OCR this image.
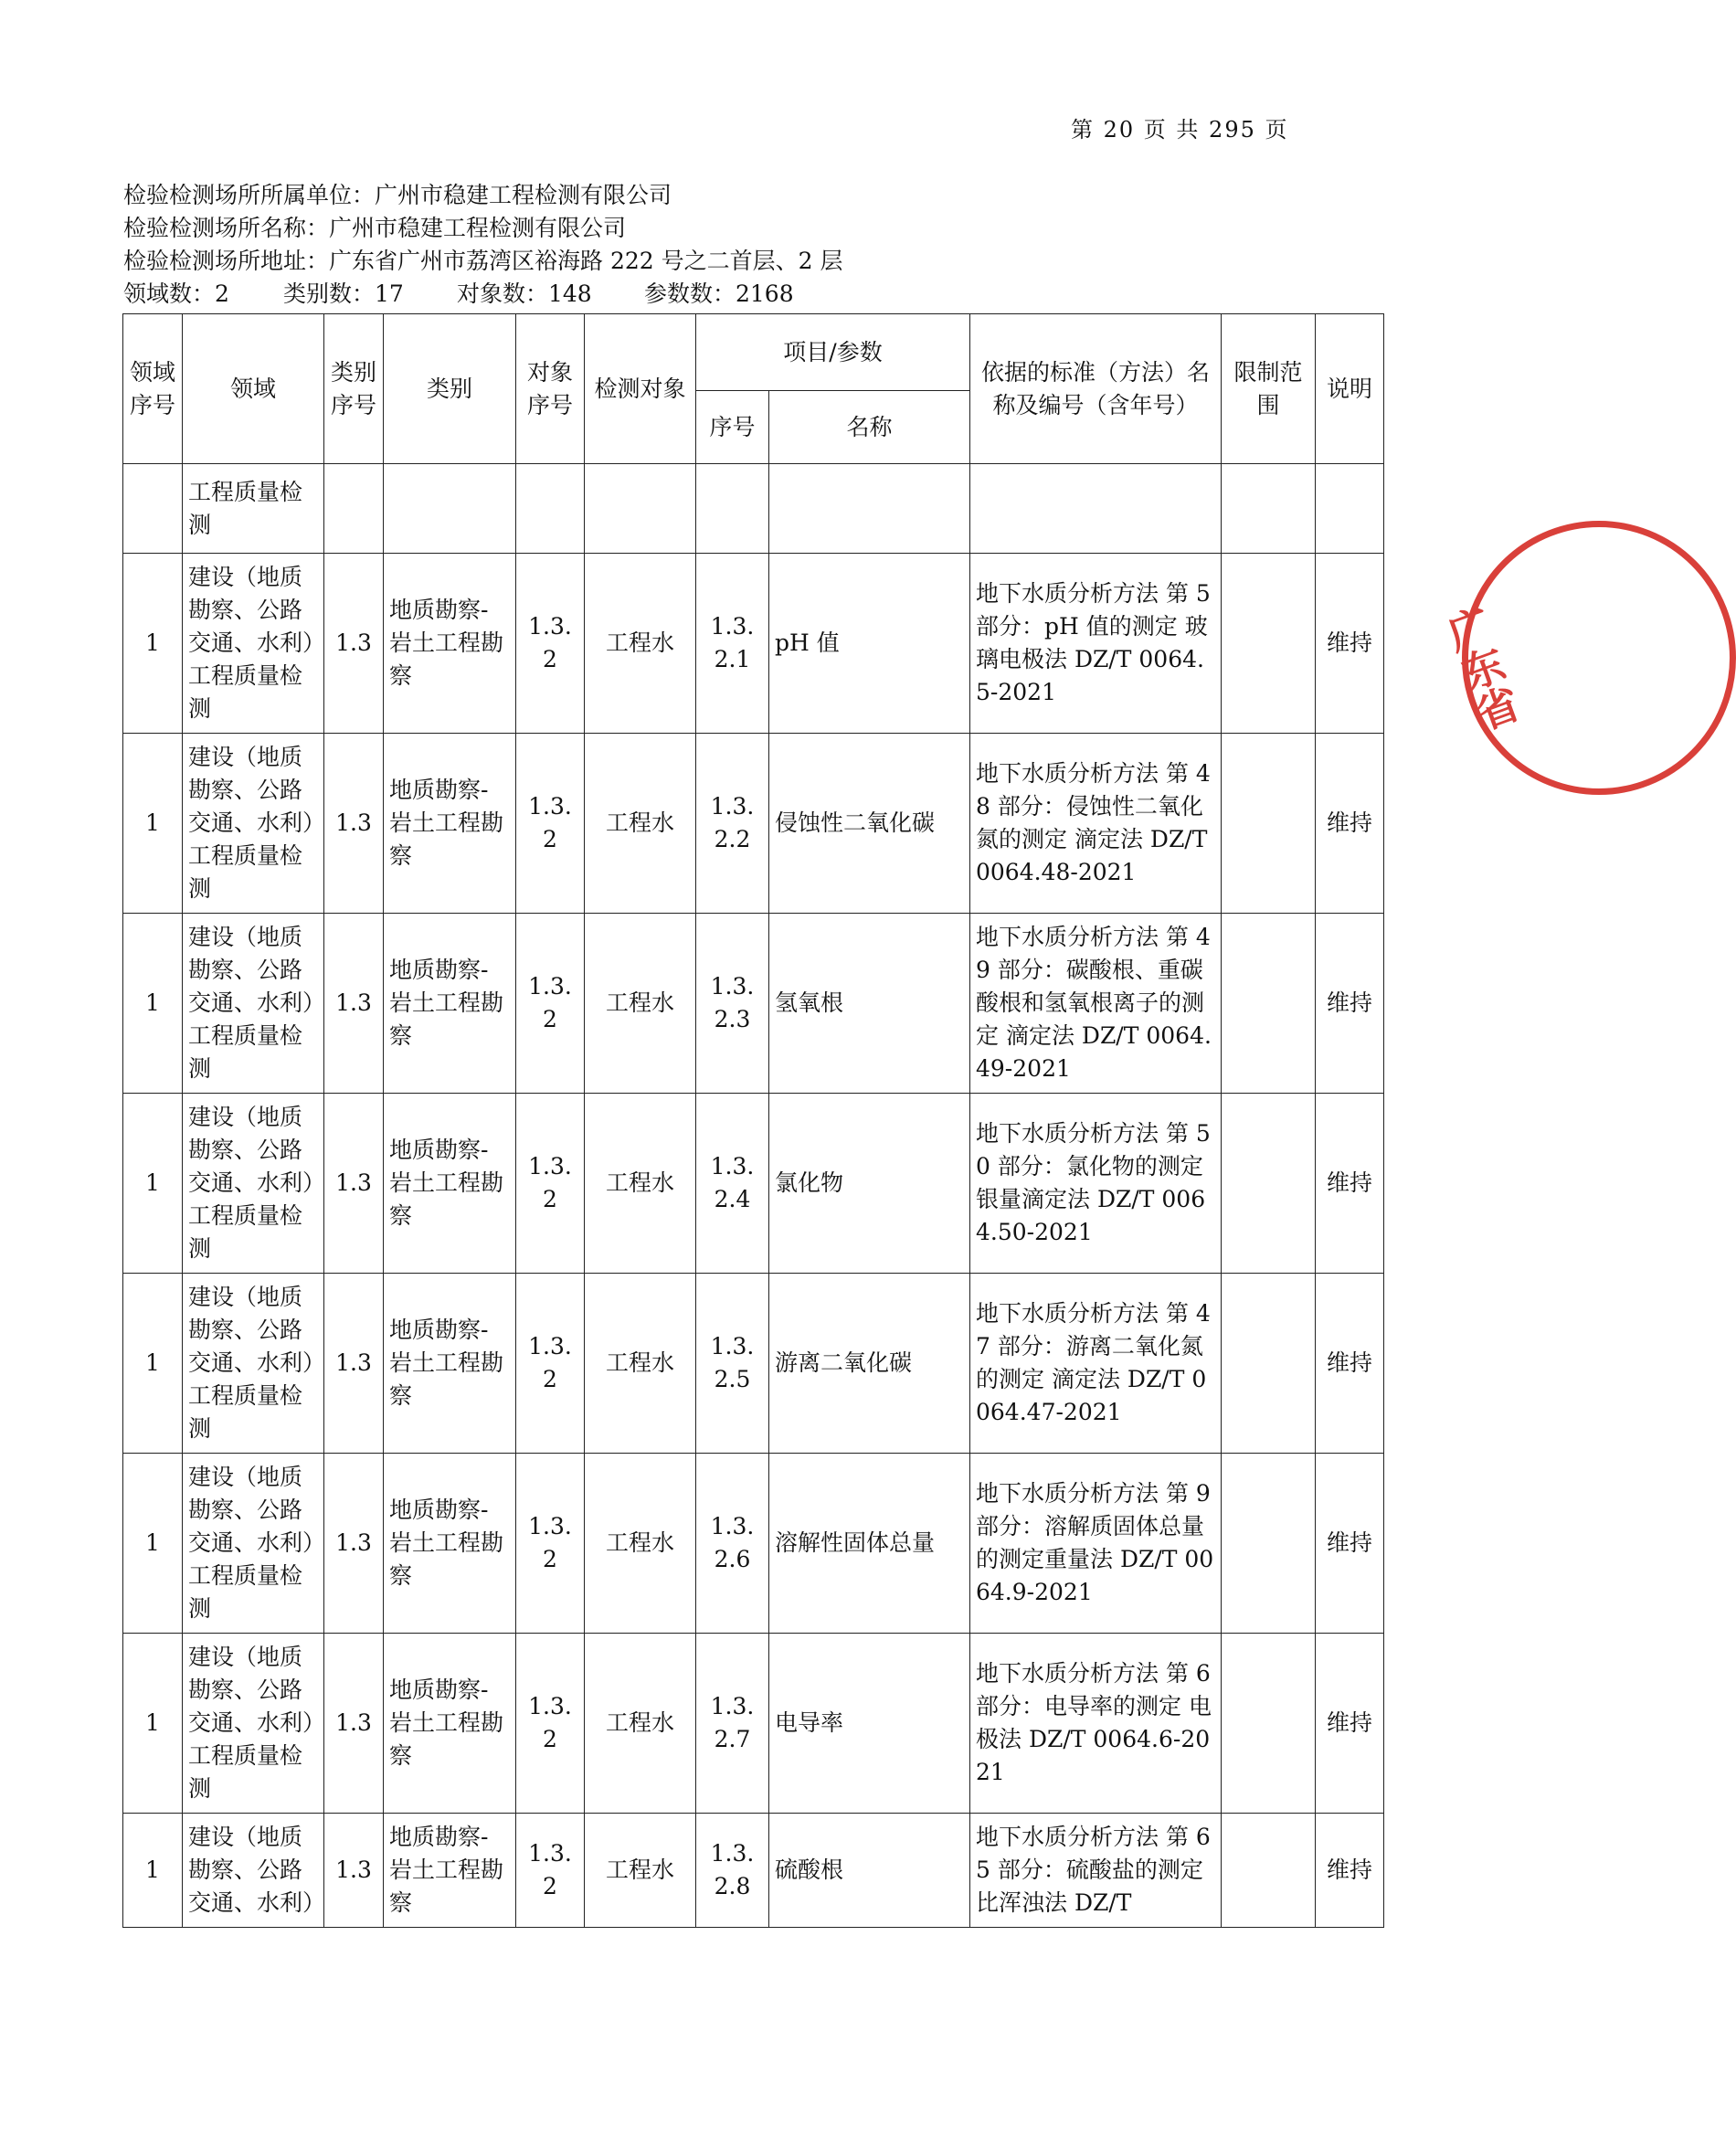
第 20 页 共 295 页
检验检测场所所属单位：广州市稳建工程检测有限公司
检验检测场所名称：广州市稳建工程检测有限公司
检验检测场所地址：广东省广州市荔湾区裕海路 222 号之二首层、2 层
领域数：2 类别数：17 对象数：148 参数数：2168
领域序号	领域	类别序号	类别	对象序号	检测对象	项目/参数		依据的标准（方法）名称及编号（含年号）	限制范围	说明
						序号	名称			
	工程质量检测									
1	建设（地质勘察、公路交通、水利）工程质量检测	1.3	地质勘察-岩土工程勘察	1.3.2	工程水	1.3.2.1	pH 值	地下水质分析方法 第 5 部分：pH 值的测定 玻璃电极法 DZ/T 0064.5-2021		维持
1	建设（地质勘察、公路交通、水利）工程质量检测	1.3	地质勘察-岩土工程勘察	1.3.2	工程水	1.3.2.2	侵蚀性二氧化碳	地下水质分析方法 第 48 部分：侵蚀性二氧化氮的测定 滴定法 DZ/T 0064.48-2021		维持
1	建设（地质勘察、公路交通、水利）工程质量检测	1.3	地质勘察-岩土工程勘察	1.3.2	工程水	1.3.2.3	氢氧根	地下水质分析方法 第 49 部分：碳酸根、重碳酸根和氢氧根离子的测定 滴定法 DZ/T 0064.49-2021		维持
1	建设（地质勘察、公路交通、水利）工程质量检测	1.3	地质勘察-岩土工程勘察	1.3.2	工程水	1.3.2.4	氯化物	地下水质分析方法 第 50 部分：氯化物的测定 银量滴定法 DZ/T 0064.50-2021		维持
1	建设（地质勘察、公路交通、水利）工程质量检测	1.3	地质勘察-岩土工程勘察	1.3.2	工程水	1.3.2.5	游离二氧化碳	地下水质分析方法 第 47 部分：游离二氧化氮的测定 滴定法 DZ/T 0064.47-2021		维持
1	建设（地质勘察、公路交通、水利）工程质量检测	1.3	地质勘察-岩土工程勘察	1.3.2	工程水	1.3.2.6	溶解性固体总量	地下水质分析方法 第 9 部分：溶解质固体总量的测定重量法 DZ/T 0064.9-2021		维持
1	建设（地质勘察、公路交通、水利）工程质量检测	1.3	地质勘察-岩土工程勘察	1.3.2	工程水	1.3.2.7	电导率	地下水质分析方法 第 6 部分：电导率的测定 电极法 DZ/T 0064.6-2021		维持
1	建设（地质勘察、公路交通、水利）	1.3	地质勘察-岩土工程勘察	1.3.2	工程水	1.3.2.8	硫酸根	地下水质分析方法 第 65 部分：硫酸盐的测定 比浑浊法 DZ/T		维持
广东省
